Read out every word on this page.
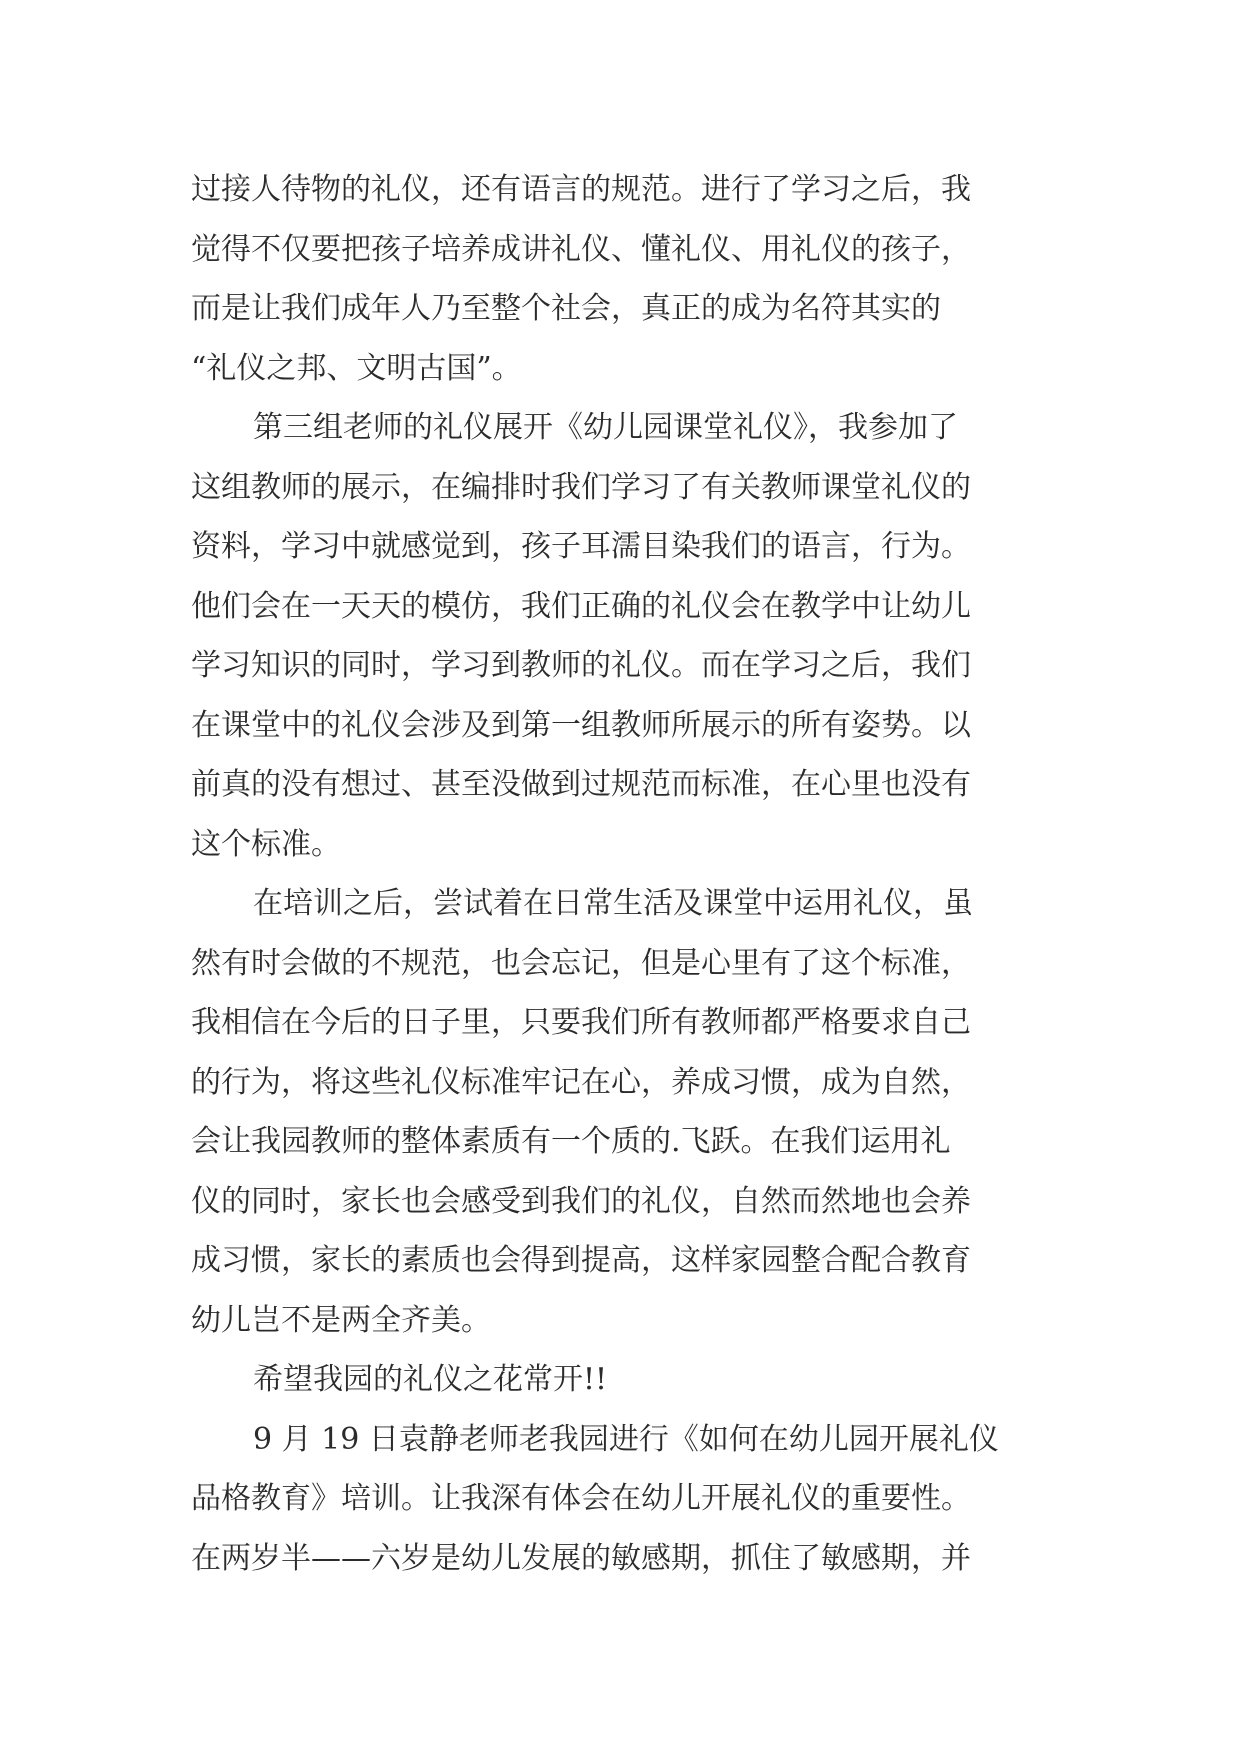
过接人待物的礼仪，还有语言的规范。进行了学习之后，我
觉得不仅要把孩子培养成讲礼仪、懂礼仪、用礼仪的孩子，
而是让我们成年人乃至整个社会，真正的成为名符其实的
“礼仪之邦、文明古国”。
第三组老师的礼仪展开《幼儿园课堂礼仪》，我参加了
这组教师的展示，在编排时我们学习了有关教师课堂礼仪的
资料，学习中就感觉到，孩子耳濡目染我们的语言，行为。
他们会在一天天的模仿，我们正确的礼仪会在教学中让幼儿
学习知识的同时，学习到教师的礼仪。而在学习之后，我们
在课堂中的礼仪会涉及到第一组教师所展示的所有姿势。以
前真的没有想过、甚至没做到过规范而标准，在心里也没有
这个标准。
在培训之后，尝试着在日常生活及课堂中运用礼仪，虽
然有时会做的不规范，也会忘记，但是心里有了这个标准，
我相信在今后的日子里，只要我们所有教师都严格要求自己
的行为，将这些礼仪标准牢记在心，养成习惯，成为自然，
会让我园教师的整体素质有一个质的.飞跃。在我们运用礼
仪的同时，家长也会感受到我们的礼仪，自然而然地也会养
成习惯，家长的素质也会得到提高，这样家园整合配合教育
幼儿岂不是两全齐美。
希望我园的礼仪之花常开!!
9 月 19 日袁静老师老我园进行《如何在幼儿园开展礼仪
品格教育》培训。让我深有体会在幼儿开展礼仪的重要性。
在两岁半——六岁是幼儿发展的敏感期，抓住了敏感期，并
